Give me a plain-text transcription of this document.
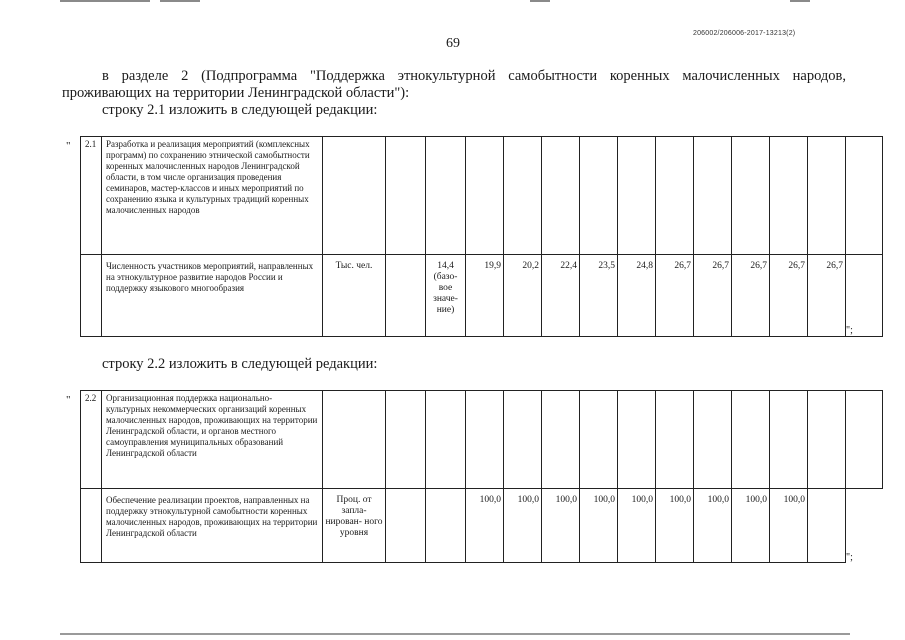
206002/206006-2017-13213(2)
69
в разделе 2 (Подпрограмма "Поддержка этнокультурной самобытности коренных малочисленных народов,
проживающих на территории Ленинградской области"):
строку 2.1 изложить в следующей редакции:
"	2.1	Разработка и реализация мероприятий (комплексных программ) по сохранению этнической самобытности коренных малочисленных народов Ленинградской области, в том числе организация проведения семинаров, мастер-классов и иных мероприятий по сохранению языка и культурных традиций коренных малочисленных народов														

	Численность участников мероприятий, направленных на этнокультурное развитие народов России и поддержку языкового многообразия	Тыс. чел.		14,4 (базо- вое значе- ние)	19,9	20,2	22,4	23,5	24,8	26,7	26,7	26,7	26,7	26,7	

";
строку 2.2 изложить в следующей редакции:
"	2.2	Организационная поддержка национально- культурных некоммерческих организаций коренных малочисленных народов, проживающих на территории Ленинградской области, и органов местного самоуправления муниципальных образований Ленинградской области														

	Обеспечение реализации проектов, направленных на поддержку этнокультурной самобытности коренных малочисленных народов, проживающих на территории Ленинградской области	Проц. от запла- нирован- ного уровня			100,0	100,0	100,0	100,0	100,0	100,0	100,0	100,0	100,0		

";
